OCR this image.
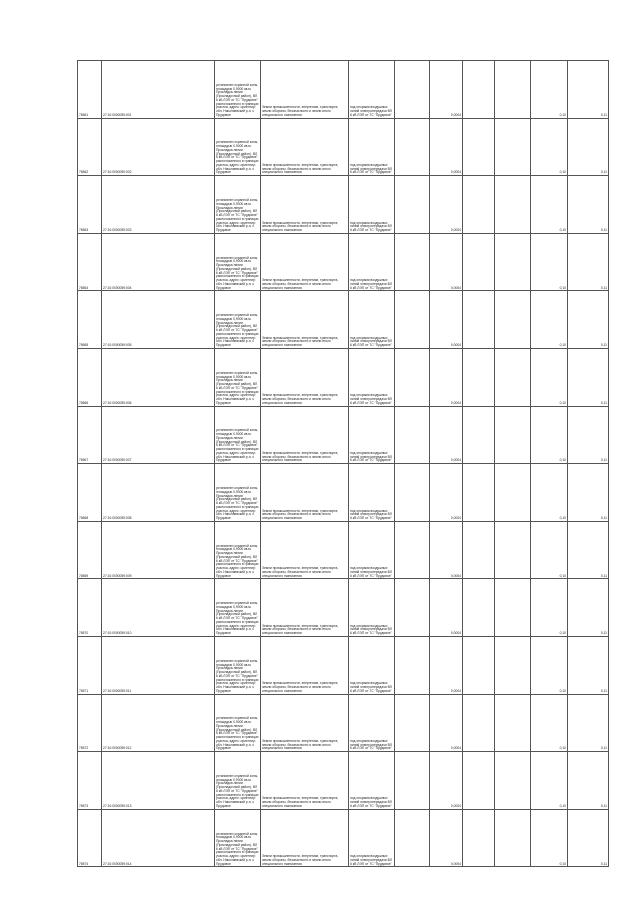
76561	27:10:0000059:001	установлен охранной зоны, площадью 0,9000 кв.м. Прокладка линии (Прокладочный район), ВЛ 6 кВ ЛЭП от ТС "Прудовое" расположенного в границах участка, адрес: ориентир: обл. Николаевский р-н, с Прудовое	Земли промышленности, энергетики, транспорта, земли обороны, безопасности и земли иного специального назначения	под опорами воздушных линий электропередачи ВЛ 6 кВ ЛЭП от ТС "Прудовое"		0,0004			0,10	0,11
76562	27:10:0000059:002	установлен охранной зоны, площадью 0,9000 кв.м. Прокладка линии (Прокладочный район), ВЛ 6 кВ ЛЭП от ТС "Прудовое" расположенного в границах участка, адрес: ориентир: обл. Николаевский р-н, с Прудовое	Земли промышленности, энергетики, транспорта, земли обороны, безопасности и земли иного специального назначения	под опорами воздушных линий электропередачи ВЛ 6 кВ ЛЭП от ТС "Прудовое"		0,0004			0,10	0,11
76563	27:10:0000059:003	установлен охранной зоны, площадью 0,9000 кв.м. Прокладка линии (Прокладочный район), ВЛ 6 кВ ЛЭП от ТС "Прудовое" расположенного в границах участка, адрес: ориентир: обл. Николаевский р-н, с Прудовое	Земли промышленности, энергетики, транспорта, земли обороны, безопасности и земли иного специального назначения	под опорами воздушных линий электропередачи ВЛ 6 кВ ЛЭП от ТС "Прудовое"		0,0004			0,10	0,11
76564	27:10:0000059:004	установлен охранной зоны, площадью 0,9000 кв.м. Прокладка линии (Прокладочный район), ВЛ 6 кВ ЛЭП от ТС "Прудовое" расположенного в границах участка, адрес: ориентир: обл. Николаевский р-н, с Прудовое	Земли промышленности, энергетики, транспорта, земли обороны, безопасности и земли иного специального назначения	под опорами воздушных линий электропередачи ВЛ 6 кВ ЛЭП от ТС "Прудовое"		0,0004			0,10	0,11
76565	27:10:0000059:005	установлен охранной зоны, площадью 0,9000 кв.м. Прокладка линии (Прокладочный район), ВЛ 6 кВ ЛЭП от ТС "Прудовое" расположенного в границах участка, адрес: ориентир: обл. Николаевский р-н, с Прудовое	Земли промышленности, энергетики, транспорта, земли обороны, безопасности и земли иного специального назначения	под опорами воздушных линий электропередачи ВЛ 6 кВ ЛЭП от ТС "Прудовое"		0,0004			0,10	0,11
76566	27:10:0000059:006	установлен охранной зоны, площадью 0,9000 кв.м. Прокладка линии (Прокладочный район), ВЛ 6 кВ ЛЭП от ТС "Прудовое" расположенного в границах участка, адрес: ориентир: обл. Николаевский р-н, с Прудовое	Земли промышленности, энергетики, транспорта, земли обороны, безопасности и земли иного специального назначения	под опорами воздушных линий электропередачи ВЛ 6 кВ ЛЭП от ТС "Прудовое"		0,0004			0,10	0,11
76567	27:10:0000059:007	установлен охранной зоны, площадью 0,9000 кв.м. Прокладка линии (Прокладочный район), ВЛ 6 кВ ЛЭП от ТС "Прудовое" расположенного в границах участка, адрес: ориентир: обл. Николаевский р-н, с Прудовое	Земли промышленности, энергетики, транспорта, земли обороны, безопасности и земли иного специального назначения	под опорами воздушных линий электропередачи ВЛ 6 кВ ЛЭП от ТС "Прудовое"		0,0004			0,10	0,11
76568	27:10:0000059:008	установлен охранной зоны, площадью 0,9000 кв.м. Прокладка линии (Прокладочный район), ВЛ 6 кВ ЛЭП от ТС "Прудовое" расположенного в границах участка, адрес: ориентир: обл. Николаевский р-н, с Прудовое	Земли промышленности, энергетики, транспорта, земли обороны, безопасности и земли иного специального назначения	под опорами воздушных линий электропередачи ВЛ 6 кВ ЛЭП от ТС "Прудовое"		0,0004			0,10	0,11
76569	27:10:0000059:009	установлен охранной зоны, площадью 0,9000 кв.м. Прокладка линии (Прокладочный район), ВЛ 6 кВ ЛЭП от ТС "Прудовое" расположенного в границах участка, адрес: ориентир: обл. Николаевский р-н, с Прудовое	Земли промышленности, энергетики, транспорта, земли обороны, безопасности и земли иного специального назначения	под опорами воздушных линий электропередачи ВЛ 6 кВ ЛЭП от ТС "Прудовое"		0,0004			0,10	0,11
76570	27:10:0000059:010	установлен охранной зоны, площадью 0,9000 кв.м. Прокладка линии (Прокладочный район), ВЛ 6 кВ ЛЭП от ТС "Прудовое" расположенного в границах участка, адрес: ориентир: обл. Николаевский р-н, с Прудовое	Земли промышленности, энергетики, транспорта, земли обороны, безопасности и земли иного специального назначения	под опорами воздушных линий электропередачи ВЛ 6 кВ ЛЭП от ТС "Прудовое"		0,0004			0,10	0,11
76571	27:10:0000059:011	установлен охранной зоны, площадью 0,9000 кв.м. Прокладка линии (Прокладочный район), ВЛ 6 кВ ЛЭП от ТС "Прудовое" расположенного в границах участка, адрес: ориентир: обл. Николаевский р-н, с Прудовое	Земли промышленности, энергетики, транспорта, земли обороны, безопасности и земли иного специального назначения	под опорами воздушных линий электропередачи ВЛ 6 кВ ЛЭП от ТС "Прудовое"		0,0004			0,10	0,11
76572	27:10:0000059:012	установлен охранной зоны, площадью 0,9000 кв.м. Прокладка линии (Прокладочный район), ВЛ 6 кВ ЛЭП от ТС "Прудовое" расположенного в границах участка, адрес: ориентир: обл. Николаевский р-н, с Прудовое	Земли промышленности, энергетики, транспорта, земли обороны, безопасности и земли иного специального назначения	под опорами воздушных линий электропередачи ВЛ 6 кВ ЛЭП от ТС "Прудовое"		0,0004			0,10	0,11
76573	27:10:0000059:013	установлен охранной зоны, площадью 0,9000 кв.м. Прокладка линии (Прокладочный район), ВЛ 6 кВ ЛЭП от ТС "Прудовое" расположенного в границах участка, адрес: ориентир: обл. Николаевский р-н, с Прудовое	Земли промышленности, энергетики, транспорта, земли обороны, безопасности и земли иного специального назначения	под опорами воздушных линий электропередачи ВЛ 6 кВ ЛЭП от ТС "Прудовое"		0,0004			0,10	0,11
76574	27:10:0000059:014	установлен охранной зоны, площадью 0,9000 кв.м. Прокладка линии (Прокладочный район), ВЛ 6 кВ ЛЭП от ТС "Прудовое" расположенного в границах участка, адрес: ориентир: обл. Николаевский р-н, с Прудовое	Земли промышленности, энергетики, транспорта, земли обороны, безопасности и земли иного специального назначения	под опорами воздушных линий электропередачи ВЛ 6 кВ ЛЭП от ТС "Прудовое"		0,0004			0,10	0,11
